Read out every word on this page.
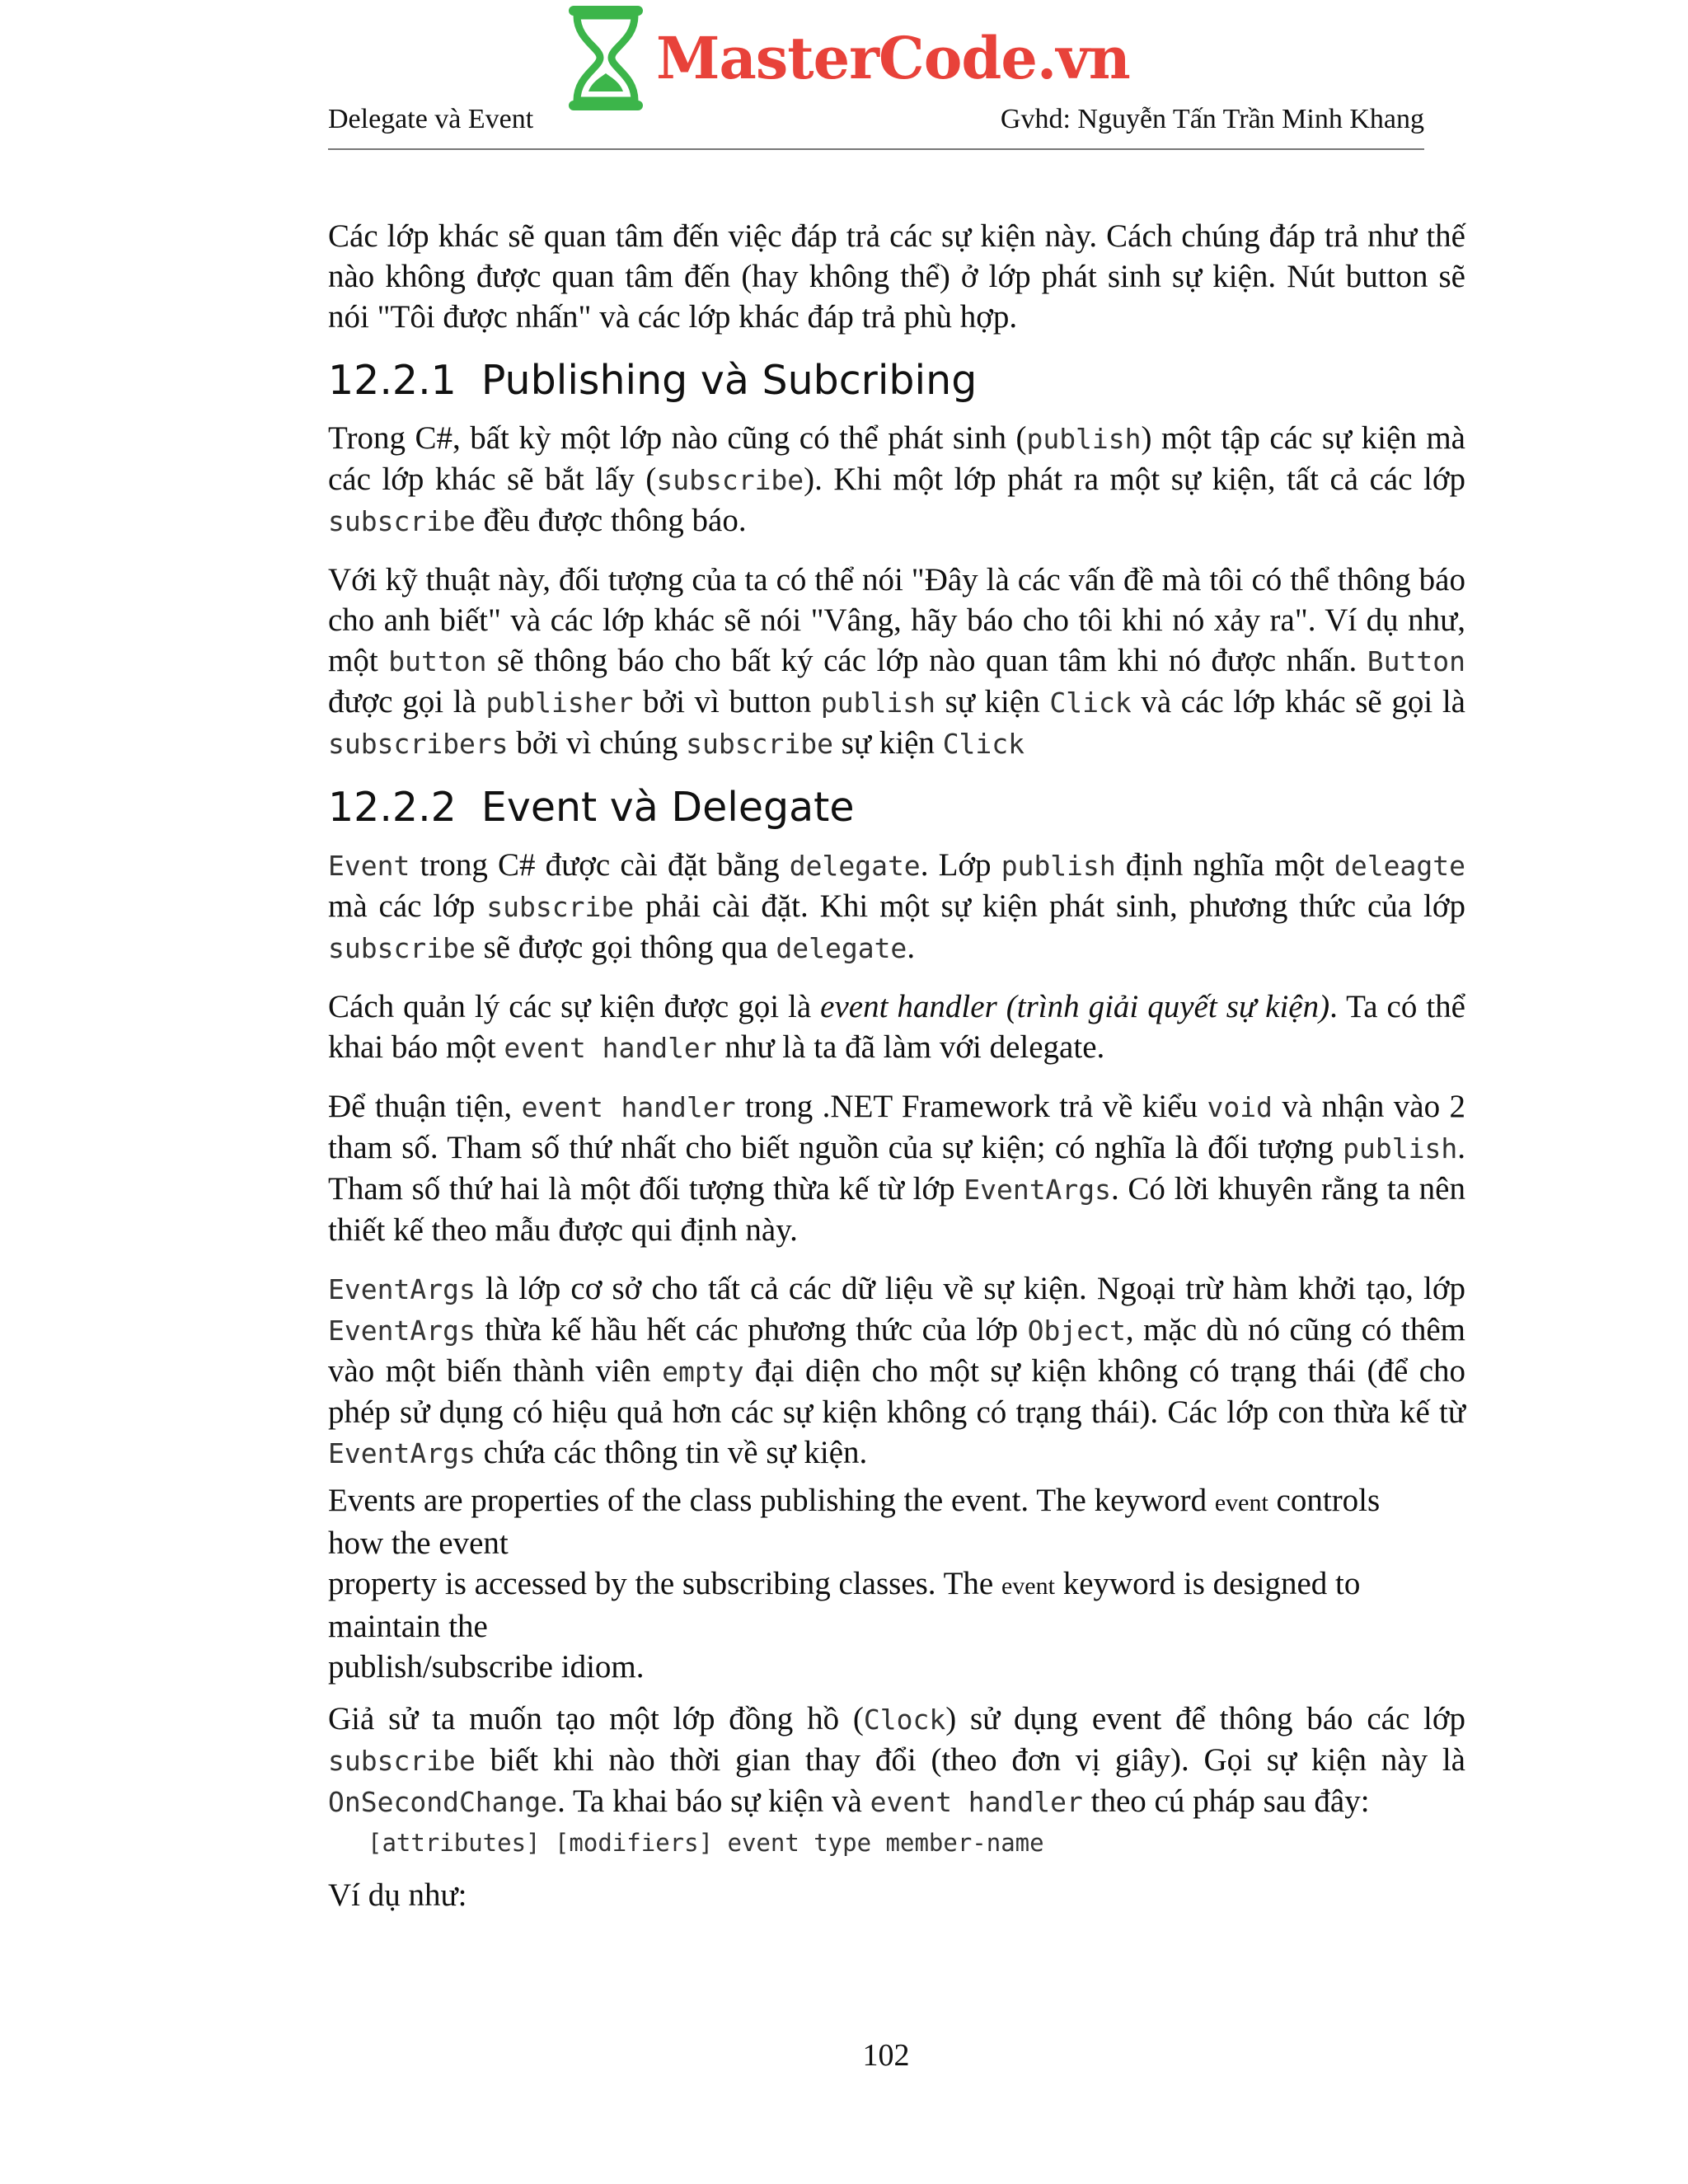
MasterCode.vn
Delegate và Event	Gvhd: Nguyễn Tấn Trần Minh Khang

Các lớp khác sẽ quan tâm đến việc đáp trả các sự kiện này. Cách chúng đáp trả như thế nào không được quan tâm đến (hay không thể) ở lớp phát sinh sự kiện. Nút button sẽ nói "Tôi được nhấn" và các lớp khác đáp trả phù hợp.

12.2.1 Publishing và Subcribing

Trong C#, bất kỳ một lớp nào cũng có thể phát sinh (publish) một tập các sự kiện mà các lớp khác sẽ bắt lấy (subscribe). Khi một lớp phát ra một sự kiện, tất cả các lớp subscribe đều được thông báo.

Với kỹ thuật này, đối tượng của ta có thể nói "Đây là các vấn đề mà tôi có thể thông báo cho anh biết" và các lớp khác sẽ nói "Vâng, hãy báo cho tôi khi nó xảy ra". Ví dụ như, một button sẽ thông báo cho bất ký các lớp nào quan tâm khi nó được nhấn. Button được gọi là publisher bởi vì button publish sự kiện Click và các lớp khác sẽ gọi là subscribers bởi vì chúng subscribe sự kiện Click

12.2.2 Event và Delegate

Event trong C# được cài đặt bằng delegate. Lớp publish định nghĩa một deleagte mà các lớp subscribe phải cài đặt. Khi một sự kiện phát sinh, phương thức của lớp subscribe sẽ được gọi thông qua delegate.

Cách quản lý các sự kiện được gọi là event handler (trình giải quyết sự kiện). Ta có thể khai báo một event handler như là ta đã làm với delegate.

Để thuận tiện, event handler trong .NET Framework trả về kiểu void và nhận vào 2 tham số. Tham số thứ nhất cho biết nguồn của sự kiện; có nghĩa là đối tượng publish. Tham số thứ hai là một đối tượng thừa kế từ lớp EventArgs. Có lời khuyên rằng ta nên thiết kế theo mẫu được qui định này.

EventArgs là lớp cơ sở cho tất cả các dữ liệu về sự kiện. Ngoại trừ hàm khởi tạo, lớp EventArgs thừa kế hầu hết các phương thức của lớp Object, mặc dù nó cũng có thêm vào một biến thành viên empty đại diện cho một sự kiện không có trạng thái (để cho phép sử dụng có hiệu quả hơn các sự kiện không có trạng thái). Các lớp con thừa kế từ EventArgs chứa các thông tin về sự kiện.

Events are properties of the class publishing the event. The keyword event controls
how the event
property is accessed by the subscribing classes. The event keyword is designed to
maintain the
publish/subscribe idiom.

Giả sử ta muốn tạo một lớp đồng hồ (Clock) sử dụng event để thông báo các lớp subscribe biết khi nào thời gian thay đổi (theo đơn vị giây). Gọi sự kiện này là OnSecondChange. Ta khai báo sự kiện và event handler theo cú pháp sau đây:

[attributes] [modifiers] event type member-name

Ví dụ như:

102
